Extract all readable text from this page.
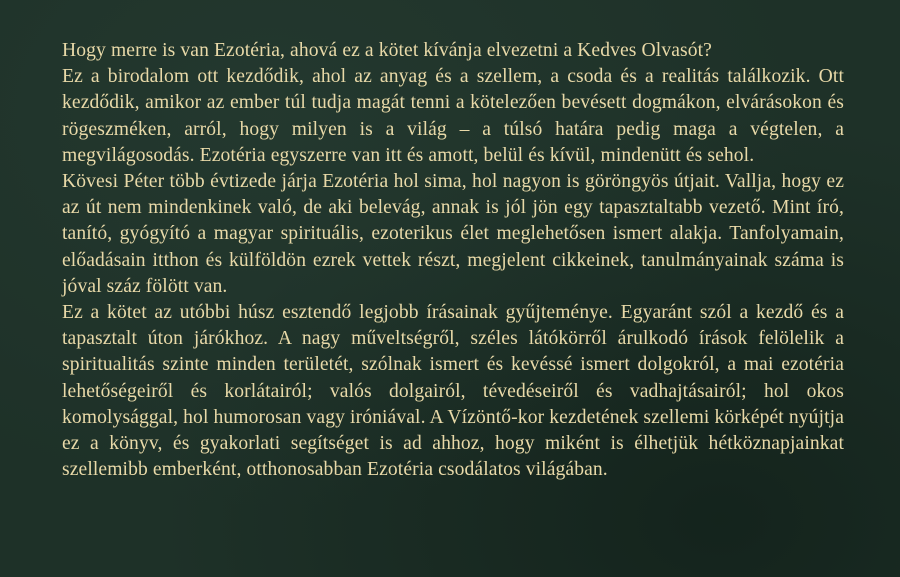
Hogy merre is van Ezotéria, ahová ez a kötet kívánja elvezetni a Kedves Olvasót?

Ez a birodalom ott kezdődik, ahol az anyag és a szellem, a csoda és a realitás találkozik. Ott kezdődik, amikor az ember túl tudja magát tenni a kötelezően bevésett dogmákon, elvárásokon és rögeszméken, arról, hogy milyen is a világ – a túlsó határa pedig maga a végtelen, a megvilágosodás. Ezotéria egyszerre van itt és amott, belül és kívül, mindenütt és sehol.

Kövesi Péter több évtizede járja Ezotéria hol sima, hol nagyon is göröngyös útjait. Vallja, hogy ez az út nem mindenkinek való, de aki belevág, annak is jól jön egy tapasztaltabb vezető. Mint író, tanító, gyógyító a magyar spirituális, ezoterikus élet meglehetősen ismert alakja. Tanfolyamain, előadásain itthon és külföldön ezrek vettek részt, megjelent cikkeinek, tanulmányainak száma is jóval száz fölött van.

Ez a kötet az utóbbi húsz esztendő legjobb írásainak gyűjteménye. Egyaránt szól a kezdő és a tapasztalt úton járókhoz. A nagy műveltségről, széles látókörről árulkodó írások felölelik a spiritualitás szinte minden területét, szólnak ismert és kevéssé ismert dolgokról, a mai ezotéria lehetőségeiről és korlátairól; valós dolgairól, tévedéseiről és vadhajtásairól; hol okos komolysággal, hol humorosan vagy iróniával. A Vízöntő-kor kezdetének szellemi körképét nyújtja ez a könyv, és gyakorlati segítséget is ad ahhoz, hogy miként is élhetjük hétköznapjainkat szellemibb emberként, otthonosabban Ezotéria csodálatos világában.
